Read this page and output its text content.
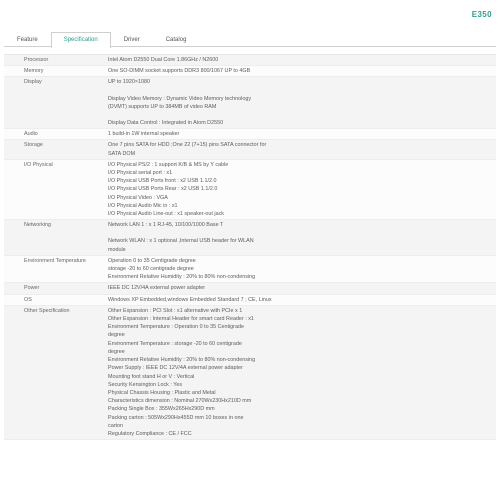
E350
Feature	Specification	Driver	Catalog
Processor	Intel Atom D2550 Dual Core 1.86GHz / N2600
Memory	One SO-DIMM socket supports DDR3 800/1067 UP to 4GB
Display	UP to 1920×1080
Display Video Memory : Dynamic Video Memory technology
(DVMT) supports UP to 384MB of video RAM
Display Data Control : Integrated in Atom D2550
Audio	1 build-in 1W internal speaker
Storage	One 7 pins SATA for HDD ;One 22 (7+15) pins SATA connector for
SATA DOM
I/O Physical	I/O Physical PS/2 : 1 support K/B & MS by Y cable
I/O Physical serial port : x1
I/O Physical USB Ports front : x2 USB 1.1/2.0
I/O Physical USB Ports Rear : x2 USB 1.1/2.0
I/O Physical Video : VGA
I/O Physical Audio Mic in : x1
I/O Physical Audio Line-out : x1 speaker-out jack
Networking	Network LAN 1 : x 1 RJ-45, 10/100/1000 Base T
Network WLAN : x 1 optional ,Internal USB header for WLAN
module
Environment Temperature	Operation 0 to 35 Centigrade degree
storage -20 to 60 centigrade degree
Environment Relative Humidity : 20% to 80% non-condensing
Power	IEEE DC 12V/4A external power adapter
OS	Windows XP Embedded,windows Embedded Standard 7 ; CE, Linux
Other Specification	Other Expansion : PCI Slot : x1 alternative with PCIe x 1
Other Expansion : Internal Header for smart card Reader : x1
Environment Temperature : Operation 0 to 35 Centigrade
degree
Environment Temperature : storage -20 to 60 centigrade
degree
Environment Relative Humidity : 20% to 80% non-condensing
Power Supply : IEEE DC 12V/4A external power adapter
Mounting foot stand H or V : Vertical
Security Kensington Lock : Yes
Physical Chassis Housing : Plastic and Metal
Characteristics dimension : Nominal 270Wx230Hx210D mm
Packing Single Box : 355Wx265Hx290D mm
Packing carton : 505Wx290Hx455D mm 10 boxes in one
carton
Regulatory Compliance : CE / FCC
